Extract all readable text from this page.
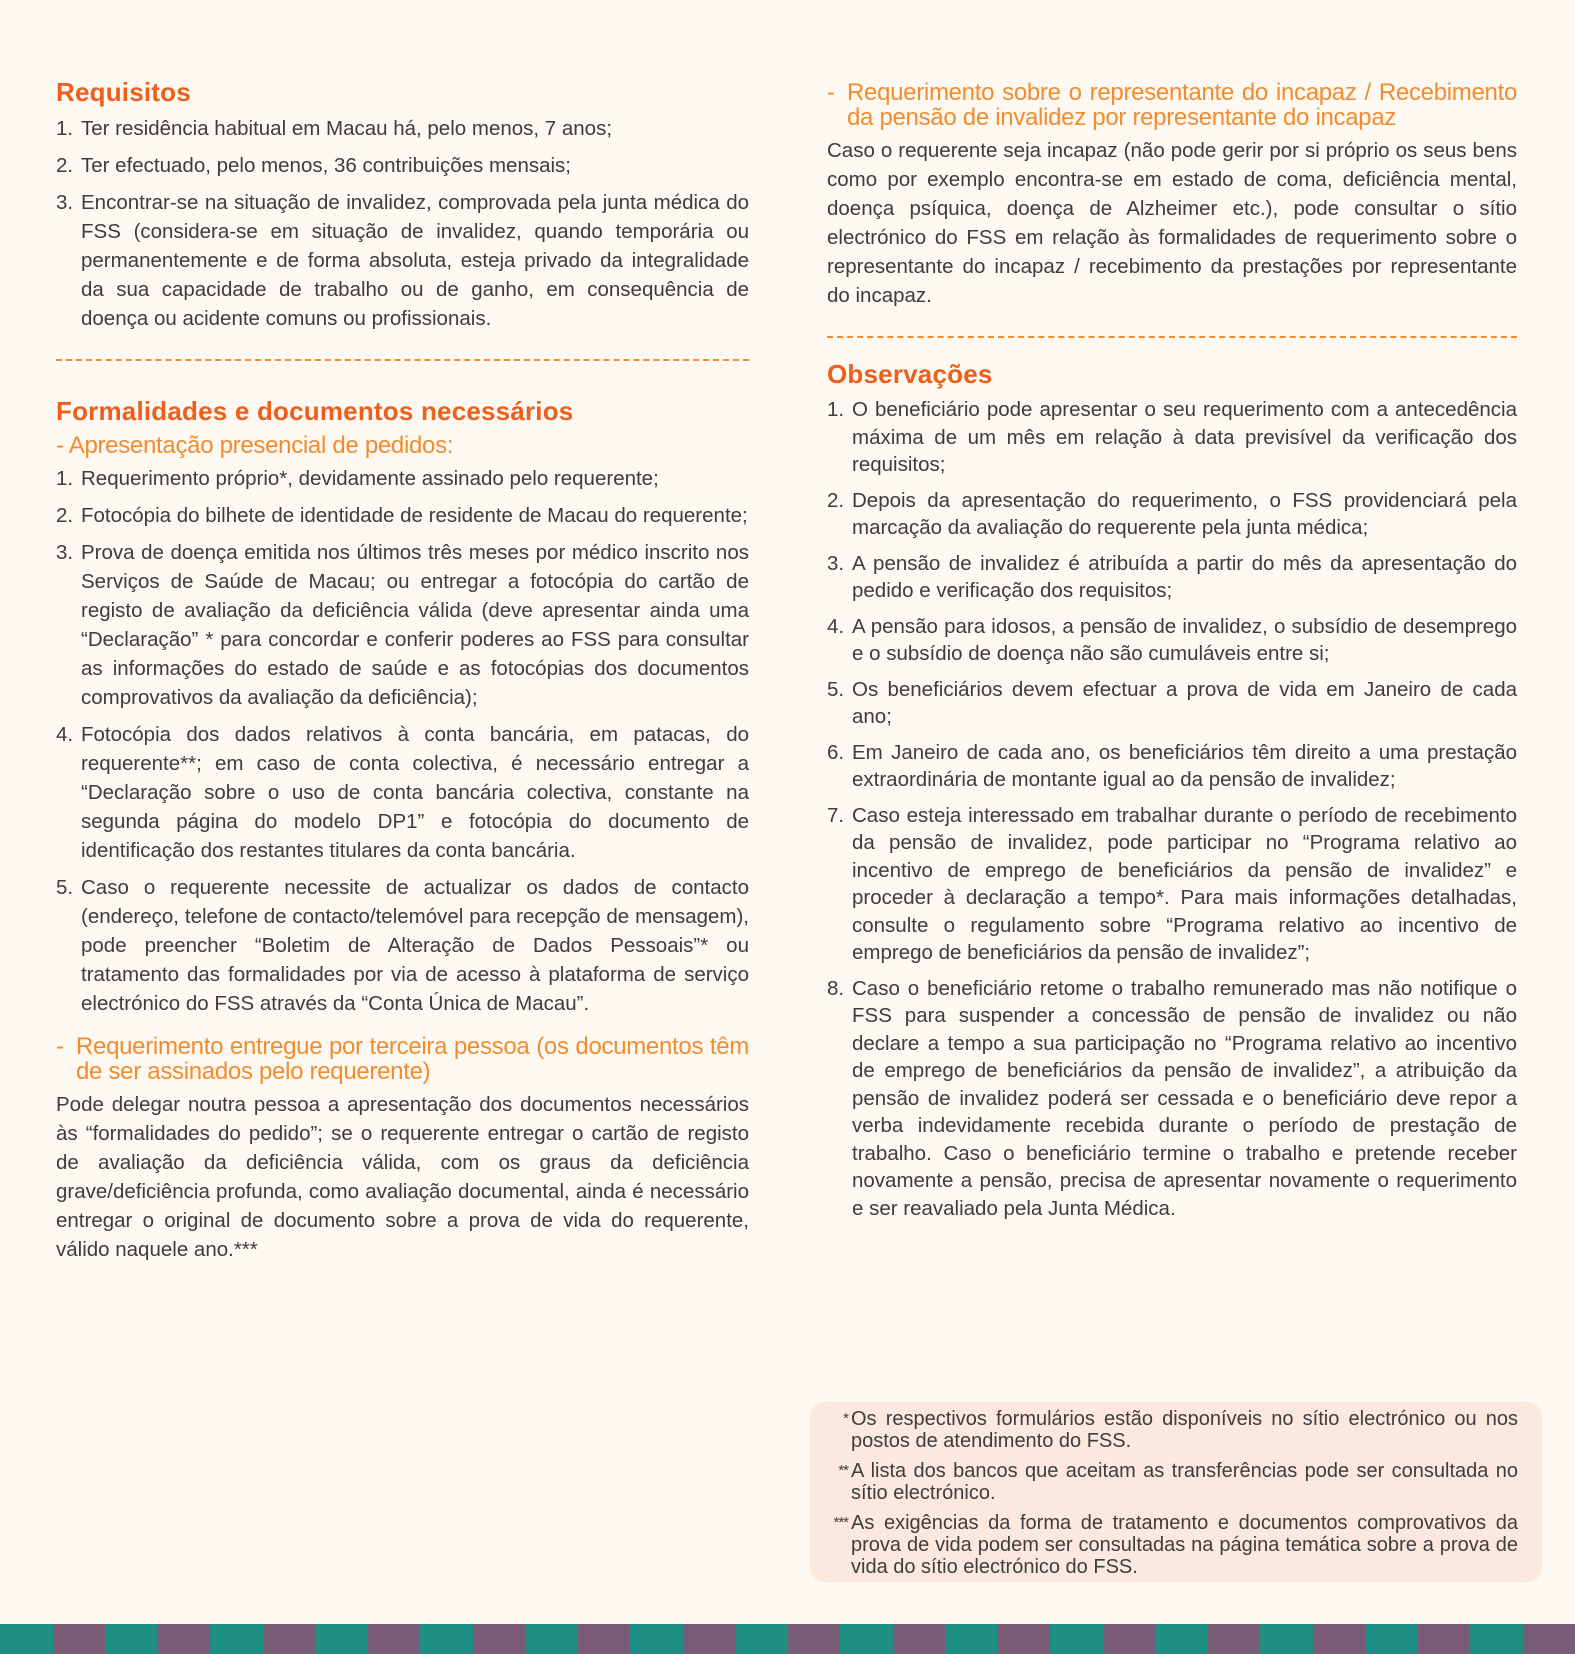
Requisitos
1. Ter residência habitual em Macau há, pelo menos, 7 anos;
2. Ter efectuado, pelo menos, 36 contribuições mensais;
3. Encontrar-se na situação de invalidez, comprovada pela junta médica do FSS (considera-se em situação de invalidez, quando temporária ou permanentemente e de forma absoluta, esteja privado da integralidade da sua capacidade de trabalho ou de ganho, em consequência de doença ou acidente comuns ou profissionais.
Formalidades e documentos necessários
- Apresentação presencial de pedidos:
1. Requerimento próprio*, devidamente assinado pelo requerente;
2. Fotocópia do bilhete de identidade de residente de Macau do requerente;
3. Prova de doença emitida nos últimos três meses por médico inscrito nos Serviços de Saúde de Macau; ou entregar a fotocópia do cartão de registo de avaliação da deficiência válida (deve apresentar ainda uma “Declaração” * para concordar e conferir poderes ao FSS para consultar as informações do estado de saúde e as fotocópias dos documentos comprovativos da avaliação da deficiência);
4. Fotocópia dos dados relativos à conta bancária, em patacas, do requerente**; em caso de conta colectiva, é necessário entregar a “Declaração sobre o uso de conta bancária colectiva, constante na segunda página do modelo DP1” e fotocópia do documento de identificação dos restantes titulares da conta bancária.
5. Caso o requerente necessite de actualizar os dados de contacto (endereço, telefone de contacto/telemóvel para recepção de mensagem), pode preencher “Boletim de Alteração de Dados Pessoais”* ou tratamento das formalidades por via de acesso à plataforma de serviço electrónico do FSS através da “Conta Única de Macau”.
- Requerimento entregue por terceira pessoa (os documentos têm de ser assinados pelo requerente)

Pode delegar noutra pessoa a apresentação dos documentos necessários às “formalidades do pedido”; se o requerente entregar o cartão de registo de avaliação da deficiência válida, com os graus da deficiência grave/deficiência profunda, como avaliação documental, ainda é necessário entregar o original de documento sobre a prova de vida do requerente, válido naquele ano.***

- Requerimento sobre o representante do incapaz / Recebimento da pensão de invalidez por representante do incapaz

Caso o requerente seja incapaz (não pode gerir por si próprio os seus bens como por exemplo encontra-se em estado de coma, deficiência mental, doença psíquica, doença de Alzheimer etc.), pode consultar o sítio electrónico do FSS em relação às formalidades de requerimento sobre o representante do incapaz / recebimento da prestações por representante do incapaz.

Observações
1. O beneficiário pode apresentar o seu requerimento com a antecedência máxima de um mês em relação à data previsível da verificação dos requisitos;
2. Depois da apresentação do requerimento, o FSS providenciará pela marcação da avaliação do requerente pela junta médica;
3. A pensão de invalidez é atribuída a partir do mês da apresentação do pedido e verificação dos requisitos;
4. A pensão para idosos, a pensão de invalidez, o subsídio de desemprego e o subsídio de doença não são cumuláveis entre si;
5. Os beneficiários devem efectuar a prova de vida em Janeiro de cada ano;
6. Em Janeiro de cada ano, os beneficiários têm direito a uma prestação extraordinária de montante igual ao da pensão de invalidez;
7. Caso esteja interessado em trabalhar durante o período de recebimento da pensão de invalidez, pode participar no “Programa relativo ao incentivo de emprego de beneficiários da pensão de invalidez” e proceder à declaração a tempo*. Para mais informações detalhadas, consulte o regulamento sobre “Programa relativo ao incentivo de emprego de beneficiários da pensão de invalidez”;
8. Caso o beneficiário retome o trabalho remunerado mas não notifique o FSS para suspender a concessão de pensão de invalidez ou não declare a tempo a sua participação no “Programa relativo ao incentivo de emprego de beneficiários da pensão de invalidez”, a atribuição da pensão de invalidez poderá ser cessada e o beneficiário deve repor a verba indevidamente recebida durante o período de prestação de trabalho. Caso o beneficiário termine o trabalho e pretende receber novamente a pensão, precisa de apresentar novamente o requerimento e ser reavaliado pela Junta Médica.
* Os respectivos formulários estão disponíveis no sítio electrónico ou nos postos de atendimento do FSS.
** A lista dos bancos que aceitam as transferências pode ser consultada no sítio electrónico.
*** As exigências da forma de tratamento e documentos comprovativos da prova de vida podem ser consultadas na página temática sobre a prova de vida do sítio electrónico do FSS.
